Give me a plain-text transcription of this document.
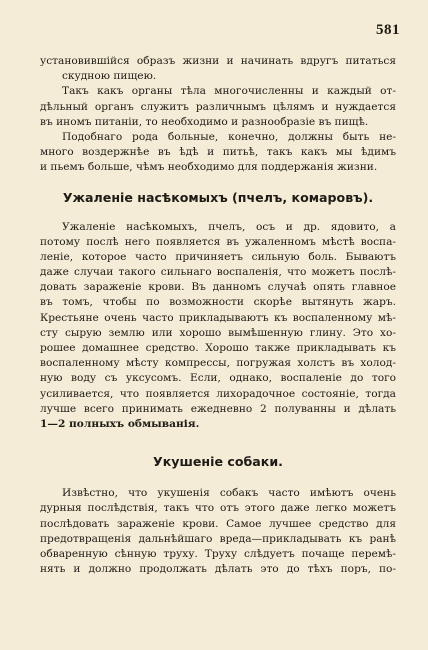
581
установившійся образъ жизни и начинать вдругъ питаться
скудною пищею.
Такъ какъ органы тѣла многочисленны и каждый от-
дѣльный органъ служитъ различнымъ цѣлямъ и нуждается
въ иномъ питаніи, то необходимо и разнообразіе въ пищѣ.
Подобнаго рода больные, конечно, должны быть не-
много воздержнѣе въ ѣдѣ и питьѣ, такъ какъ мы ѣдимъ
и пьемъ больше, чѣмъ необходимо для поддержанія жизни.
Ужаленіе насѣкомыхъ (пчелъ, комаровъ).
Ужаленіе насѣкомыхъ, пчелъ, осъ и др. ядовито, а
потому послѣ него появляется въ ужаленномъ мѣстѣ воспа-
леніе, которое часто причиняетъ сильную боль. Бываютъ
даже случаи такого сильнаго воспаленія, что можетъ послѣ-
довать зараженіе крови. Въ данномъ случаѣ опять главное
въ томъ, чтобы по возможности скорѣе вытянуть жаръ.
Крестьяне очень часто прикладываютъ къ воспаленному мѣ-
сту сырую землю или хорошо вымѣшенную глину. Это хо-
рошее домашнее средство. Хорошо также прикладывать къ
воспаленному мѣсту компрессы, погружая холстъ въ холод-
ную воду съ уксусомъ. Если, однако, воспаленіе до того
усиливается, что появляется лихорадочное состояніе, тогда
лучше всего принимать ежедневно 2 полуванны и дѣлать
1—2 полныхъ обмыванія.
Укушеніе собаки.
Извѣстно, что укушенія собакъ часто имѣютъ очень
дурныя послѣдствія, такъ что отъ этого даже легко можетъ
послѣдовать зараженіе крови. Самое лучшее средство для
предотвращенія дальнѣйшаго вреда—прикладывать къ ранѣ
обваренную сѣнную труху. Труху слѣдуетъ почаще перемѣ-
нять и должно продолжать дѣлать это до тѣхъ поръ, по-
